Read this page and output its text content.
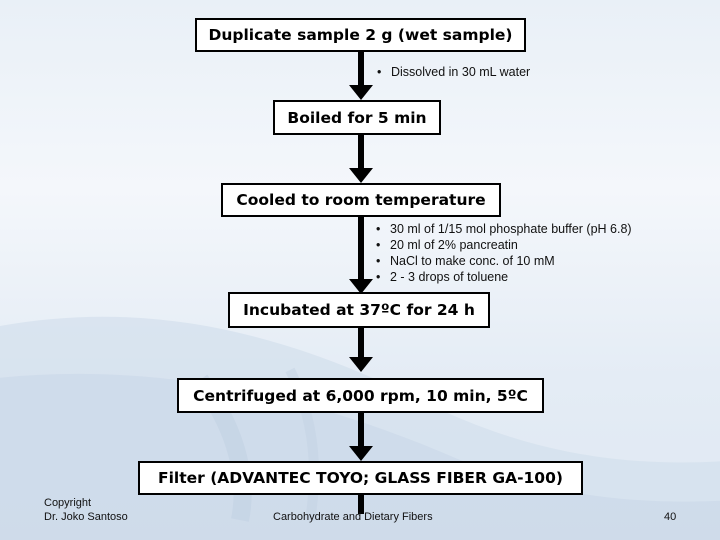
Duplicate sample 2 g (wet sample)
• Dissolved in 30 mL water
Boiled for 5 min
Cooled to room temperature
• 30 ml of 1/15 mol phosphate buffer (pH 6.8)
• 20 ml of 2% pancreatin
• NaCl to make conc. of 10 mM
• 2 - 3 drops of toluene
Incubated at 37ºC for 24 h
Centrifuged at 6,000 rpm, 10 min, 5ºC
Filter (ADVANTEC TOYO; GLASS FIBER GA-100)
Copyright
Dr. Joko Santoso	Carbohydrate and Dietary Fibers	40
